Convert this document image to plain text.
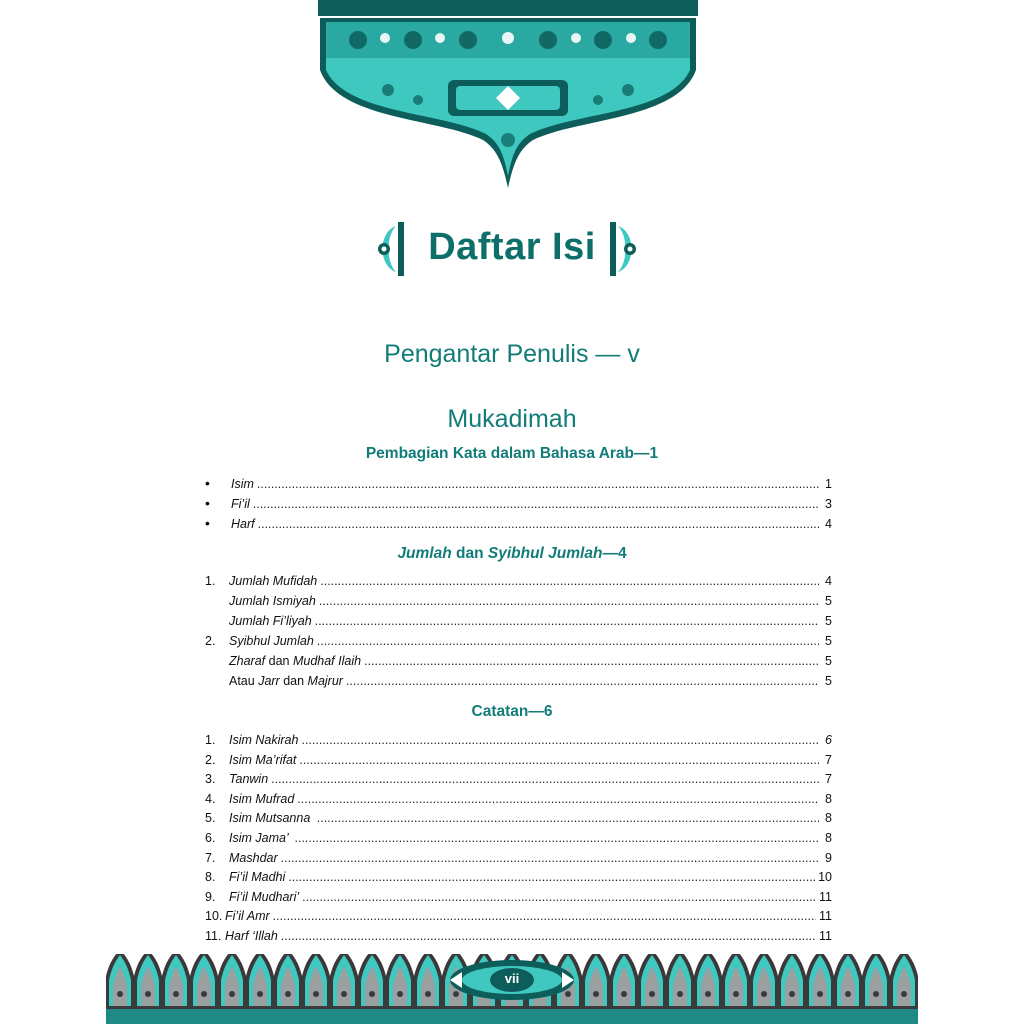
Daftar Isi
Pengantar Penulis — v
Mukadimah
Pembagian Kata dalam Bahasa Arab—1
•	Isim .....	1
•	Fi’il .....	3
•	Harf .....	4
Jumlah dan Syibhul Jumlah—4
1.	Jumlah Mufidah .....	4
Jumlah Ismiyah .....	5
Jumlah Fi’liyah .....	5
2.	Syibhul Jumlah .....	5
Zharaf dan Mudhaf Ilaih .....	5
Atau Jarr dan Majrur .....	5
Catatan—6
1.	Isim Nakirah .....	6
2.	Isim Ma’rifat .....	7
3.	Tanwin .....	7
4.	Isim Mufrad .....	8
5.	Isim Mutsanna .....	8
6.	Isim Jama’ .....	8
7.	Mashdar .....	9
8.	Fi’il Madhi .....	10
9.	Fi’il Mudhari’ .....	11
10. Fi’il Amr .....	11
11. Harf ‘Illah .....	11
vii
